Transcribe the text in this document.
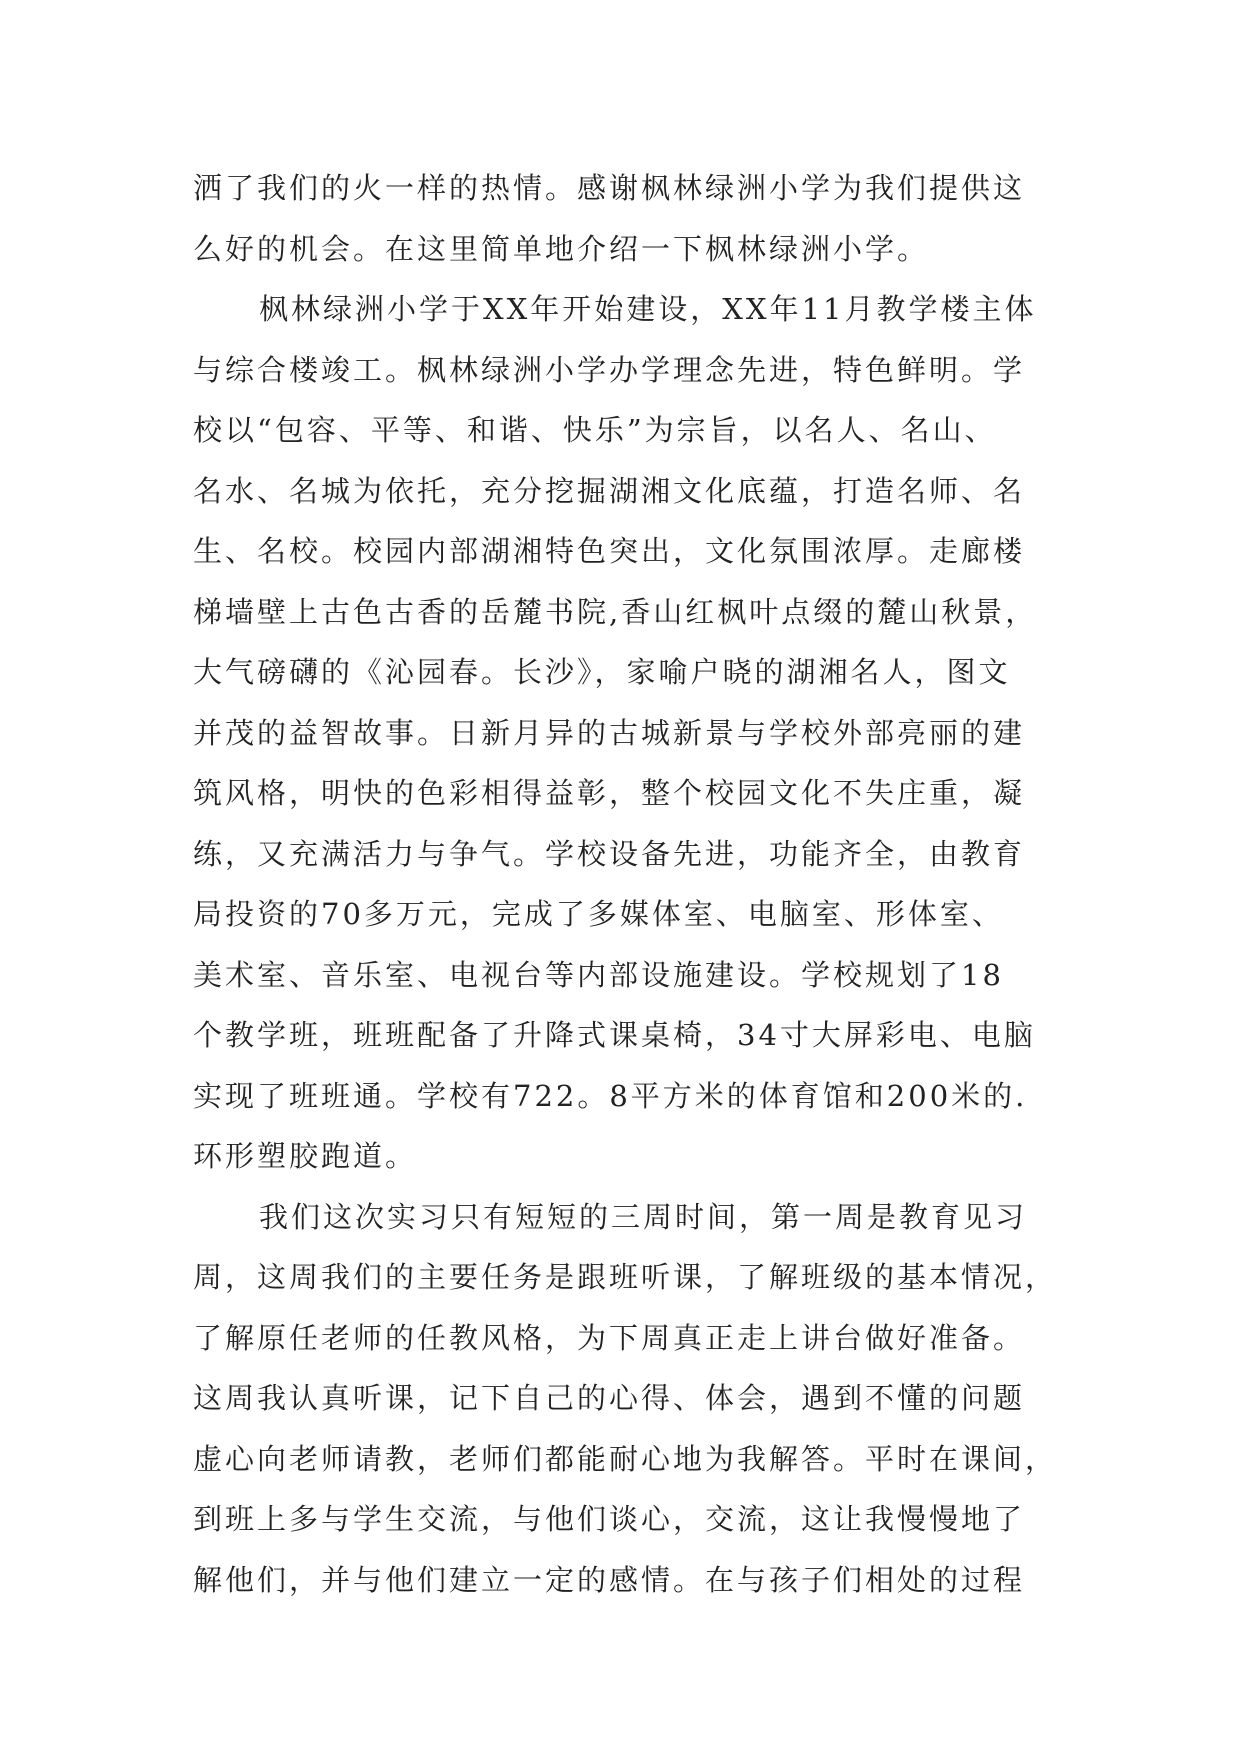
洒了我们的火一样的热情。感谢枫林绿洲小学为我们提供这
么好的机会。在这里简单地介绍一下枫林绿洲小学。
枫林绿洲小学于XX年开始建设，XX年11月教学楼主体
与综合楼竣工。枫林绿洲小学办学理念先进，特色鲜明。学
校以“包容、平等、和谐、快乐”为宗旨，以名人、名山、
名水、名城为依托，充分挖掘湖湘文化底蕴，打造名师、名
生、名校。校园内部湖湘特色突出，文化氛围浓厚。走廊楼
梯墙壁上古色古香的岳麓书院,香山红枫叶点缀的麓山秋景，
大气磅礴的《沁园春。长沙》，家喻户晓的湖湘名人，图文
并茂的益智故事。日新月异的古城新景与学校外部亮丽的建
筑风格，明快的色彩相得益彰，整个校园文化不失庄重，凝
练，又充满活力与争气。学校设备先进，功能齐全，由教育
局投资的70多万元，完成了多媒体室、电脑室、形体室、
美术室、音乐室、电视台等内部设施建设。学校规划了18
个教学班，班班配备了升降式课桌椅，34寸大屏彩电、电脑
实现了班班通。学校有722。8平方米的体育馆和200米的.
环形塑胶跑道。
我们这次实习只有短短的三周时间，第一周是教育见习
周，这周我们的主要任务是跟班听课，了解班级的基本情况，
了解原任老师的任教风格，为下周真正走上讲台做好准备。
这周我认真听课，记下自己的心得、体会，遇到不懂的问题
虚心向老师请教，老师们都能耐心地为我解答。平时在课间，
到班上多与学生交流，与他们谈心，交流，这让我慢慢地了
解他们，并与他们建立一定的感情。在与孩子们相处的过程
